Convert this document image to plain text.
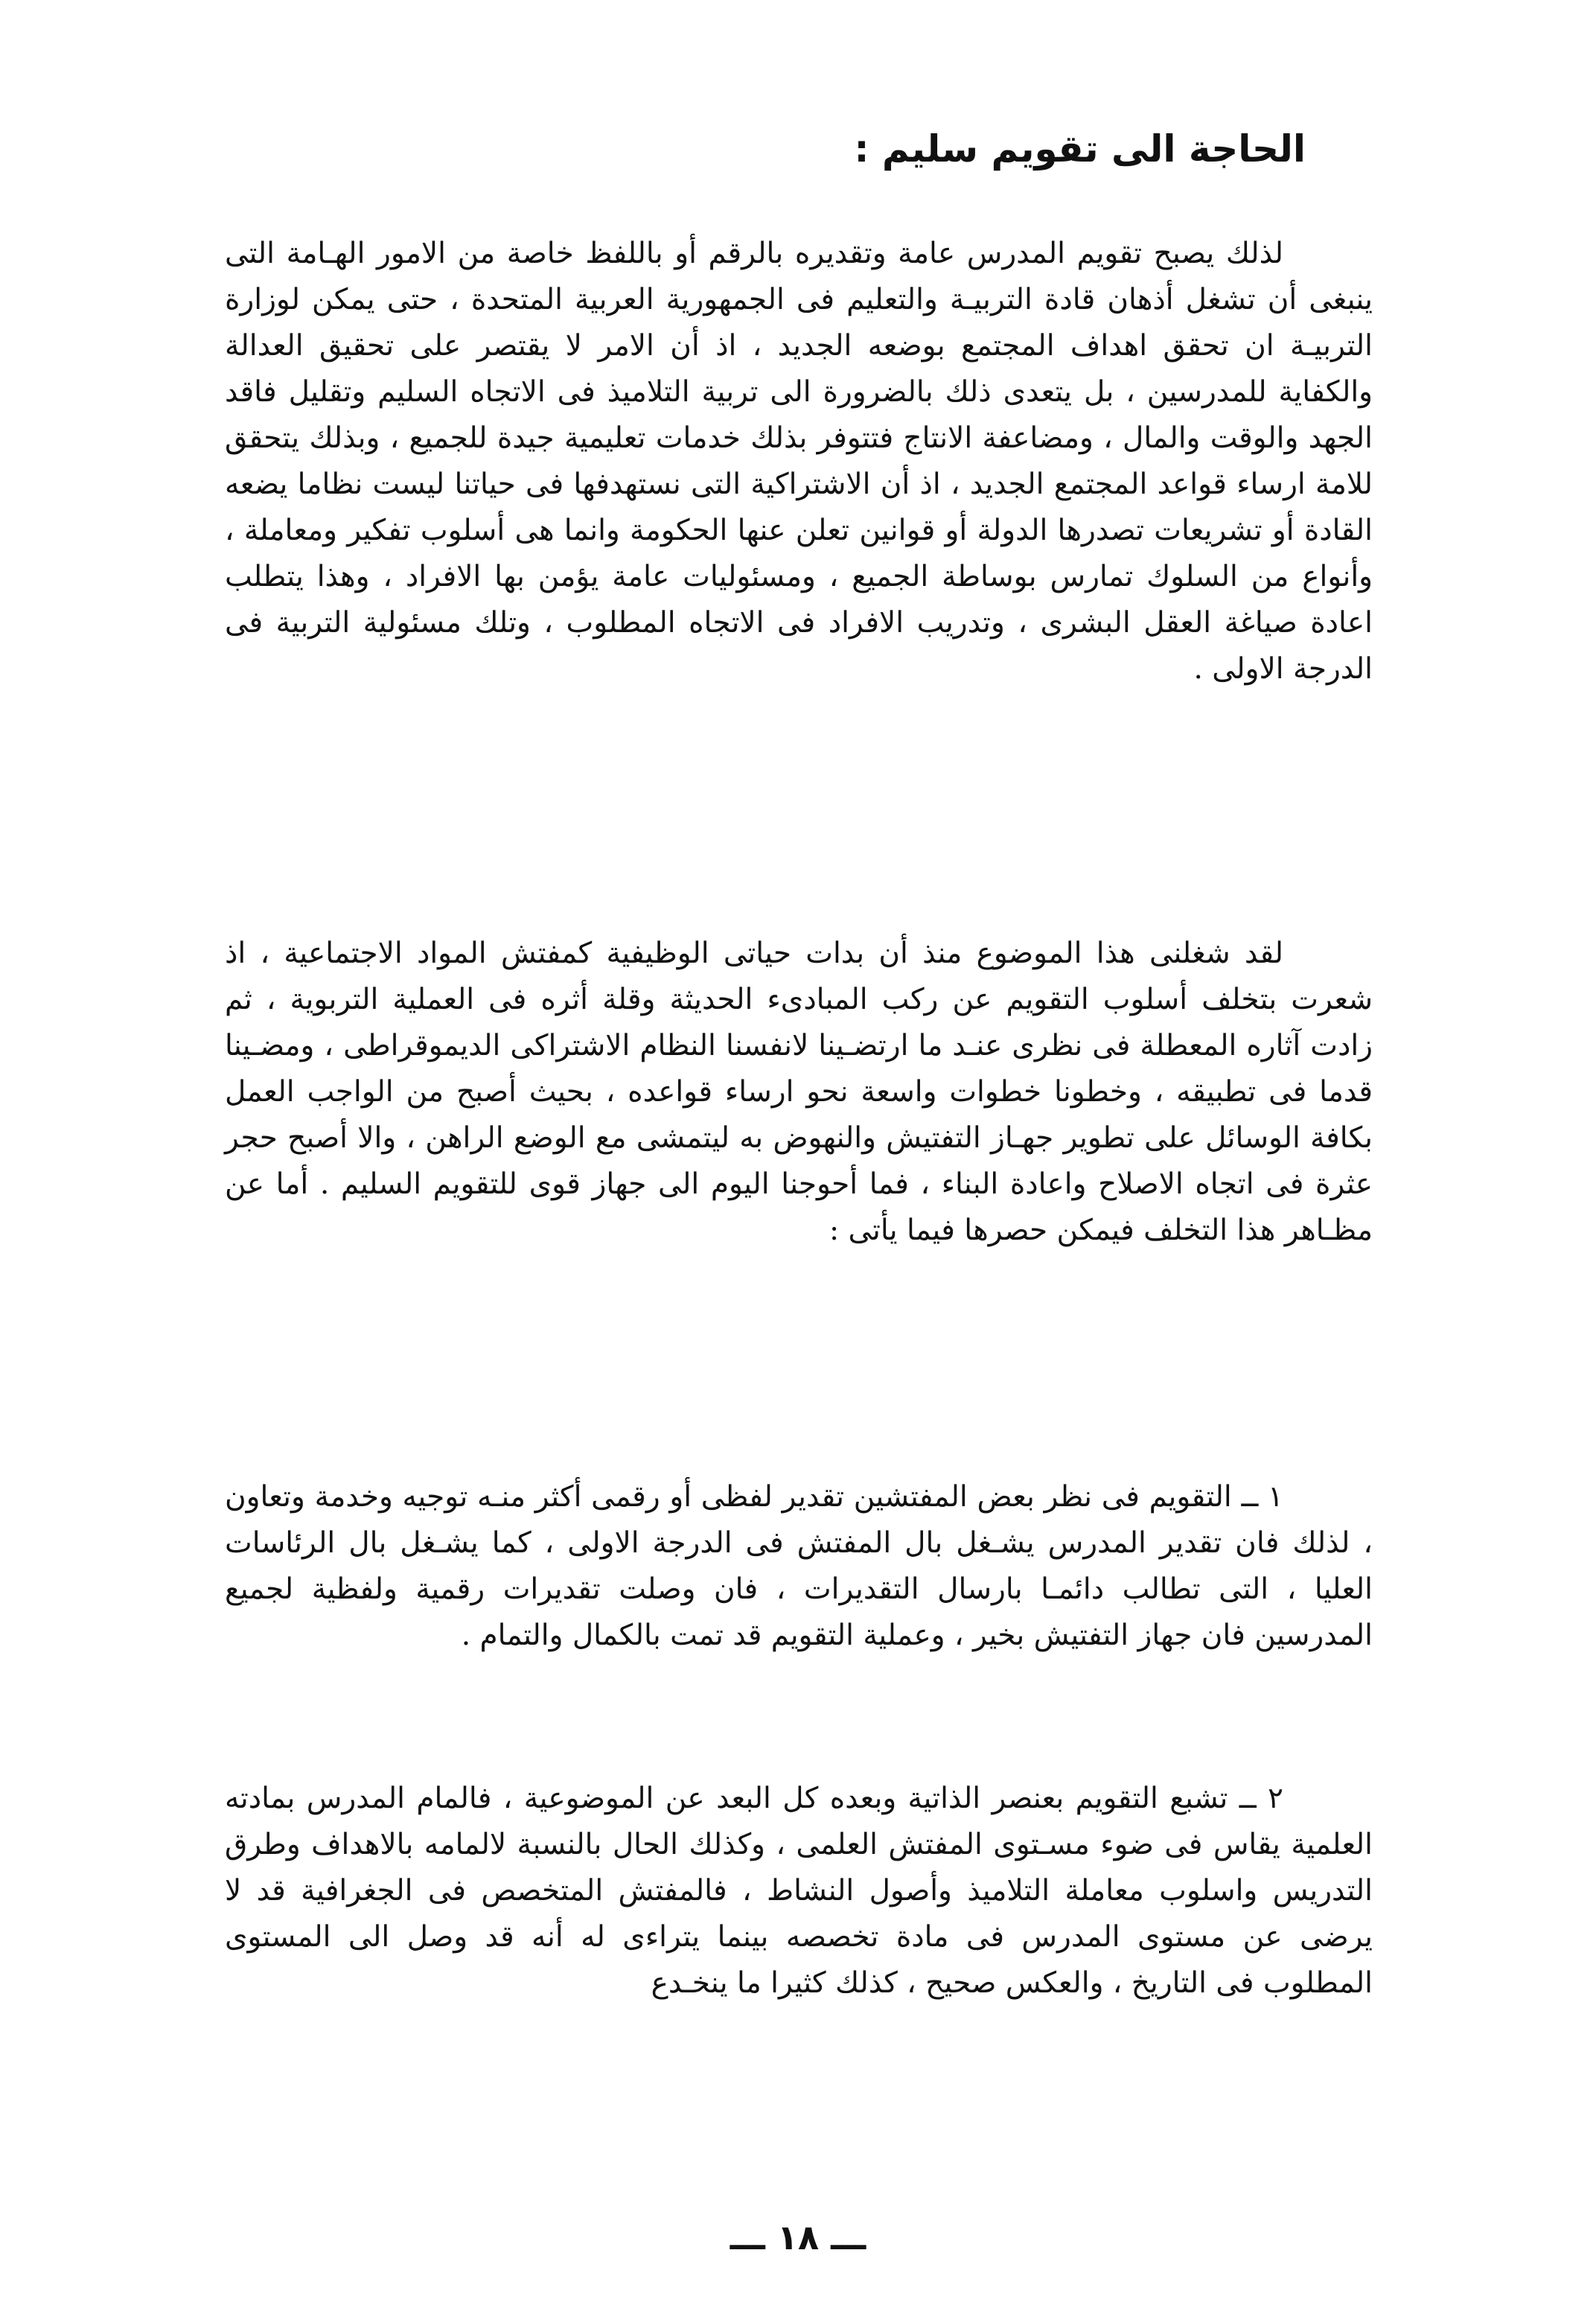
الحاجة الى تقويم سليم :

لذلك يصبح تقويم المدرس عامة وتقديره بالرقم أو باللفظ خاصة من الامور الهـامة التى ينبغى أن تشغل أذهان قادة التربيـة والتعليم فى الجمهورية العربية المتحدة ، حتى يمكن لوزارة التربيـة ان تحقق اهداف المجتمع بوضعه الجديد ، اذ أن الامر لا يقتصر على تحقيق العدالة والكفاية للمدرسين ، بل يتعدى ذلك بالضرورة الى تربية التلاميذ فى الاتجاه السليم وتقليل فاقد الجهد والوقت والمال ، ومضاعفة الانتاج فتتوفر بذلك خدمات تعليمية جيدة للجميع ، وبذلك يتحقق للامة ارساء قواعد المجتمع الجديد ، اذ أن الاشتراكية التى نستهدفها فى حياتنا ليست نظاما يضعه القادة أو تشريعات تصدرها الدولة أو قوانين تعلن عنها الحكومة وانما هى أسلوب تفكير ومعاملة ، وأنواع من السلوك تمارس بوساطة الجميع ، ومسئوليات عامة يؤمن بها الافراد ، وهذا يتطلب اعادة صياغة العقل البشرى ، وتدريب الافراد فى الاتجاه المطلوب ، وتلك مسئولية التربية فى الدرجة الاولى .

لقد شغلنى هذا الموضوع منذ أن بدات حياتى الوظيفية كمفتش المواد الاجتماعية ، اذ شعرت بتخلف أسلوب التقويم عن ركب المبادىء الحديثة وقلة أثره فى العملية التربوية ، ثم زادت آثاره المعطلة فى نظرى عنـد ما ارتضـينا لانفسنا النظام الاشتراكى الديموقراطى ، ومضـينا قدما فى تطبيقه ، وخطونا خطوات واسعة نحو ارساء قواعده ، بحيث أصبح من الواجب العمل بكافة الوسائل على تطوير جهـاز التفتيش والنهوض به ليتمشى مع الوضع الراهن ، والا أصبح حجر عثرة فى اتجاه الاصلاح واعادة البناء ، فما أحوجنا اليوم الى جهاز قوى للتقويم السليم . أما عن مظـاهر هذا التخلف فيمكن حصرها فيما يأتى :

١ ــ التقويم فى نظر بعض المفتشين تقدير لفظى أو رقمى أكثر منـه توجيه وخدمة وتعاون ، لذلك فان تقدير المدرس يشـغل بال المفتش فى الدرجة الاولى ، كما يشـغل بال الرئاسات العليا ، التى تطالب دائمـا بارسال التقديرات ، فان وصلت تقديرات رقمية ولفظية لجميع المدرسين فان جهاز التفتيش بخير ، وعملية التقويم قد تمت بالكمال والتمام .

٢ ــ تشبع التقويم بعنصر الذاتية وبعده كل البعد عن الموضوعية ، فالمام المدرس بمادته العلمية يقاس فى ضوء مسـتوى المفتش العلمى ، وكذلك الحال بالنسبة لالمامه بالاهداف وطرق التدريس واسلوب معاملة التلاميذ وأصول النشاط ، فالمفتش المتخصص فى الجغرافية قد لا يرضى عن مستوى المدرس فى مادة تخصصه بينما يتراءى له أنه قد وصل الى المستوى المطلوب فى التاريخ ، والعكس صحيح ، كذلك كثيرا ما ينخـدع

ـــ ١٨ ـــ
